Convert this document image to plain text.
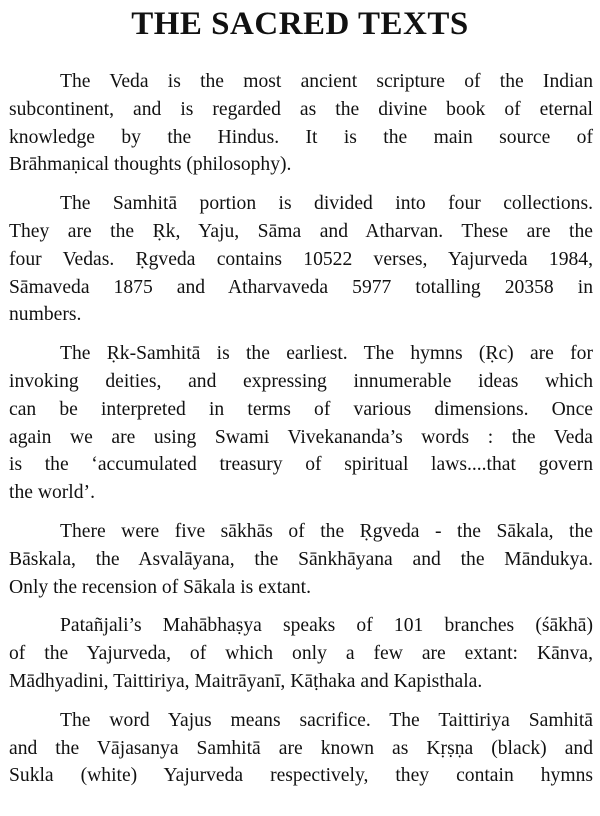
THE SACRED TEXTS

The Veda is the most ancient scripture of the Indian
subcontinent, and is regarded as the divine book of eternal
knowledge by the Hindus. It is the main source of
Brāhmaṇical thoughts (philosophy).

The Samhitā portion is divided into four collections.
They are the Ṛk, Yaju, Sāma and Atharvan. These are the
four Vedas. Ṛgveda contains 10522 verses, Yajurveda 1984,
Sāmaveda 1875 and Atharvaveda 5977 totalling 20358 in
numbers.

The Ṛk-Samhitā is the earliest. The hymns (Ṛc) are for
invoking deities, and expressing innumerable ideas which
can be interpreted in terms of various dimensions. Once
again we are using Swami Vivekananda’s words : the Veda
is the ‘accumulated treasury of spiritual laws....that govern
the world’.

There were five sākhās of the Ṛgveda - the Sākala, the
Bāskala, the Asvalāyana, the Sānkhāyana and the Māndukya.
Only the recension of Sākala is extant.

Patañjali’s Mahābhaṣya speaks of 101 branches (śākhā)
of the Yajurveda, of which only a few are extant: Kānva,
Mādhyadini, Taittiriya, Maitrāyanī, Kāṭhaka and Kapisthala.

The word Yajus means sacrifice. The Taittiriya Samhitā
and the Vājasanya Samhitā are known as Kṛṣṇa (black) and
Sukla (white) Yajurveda respectively, they contain hymns
